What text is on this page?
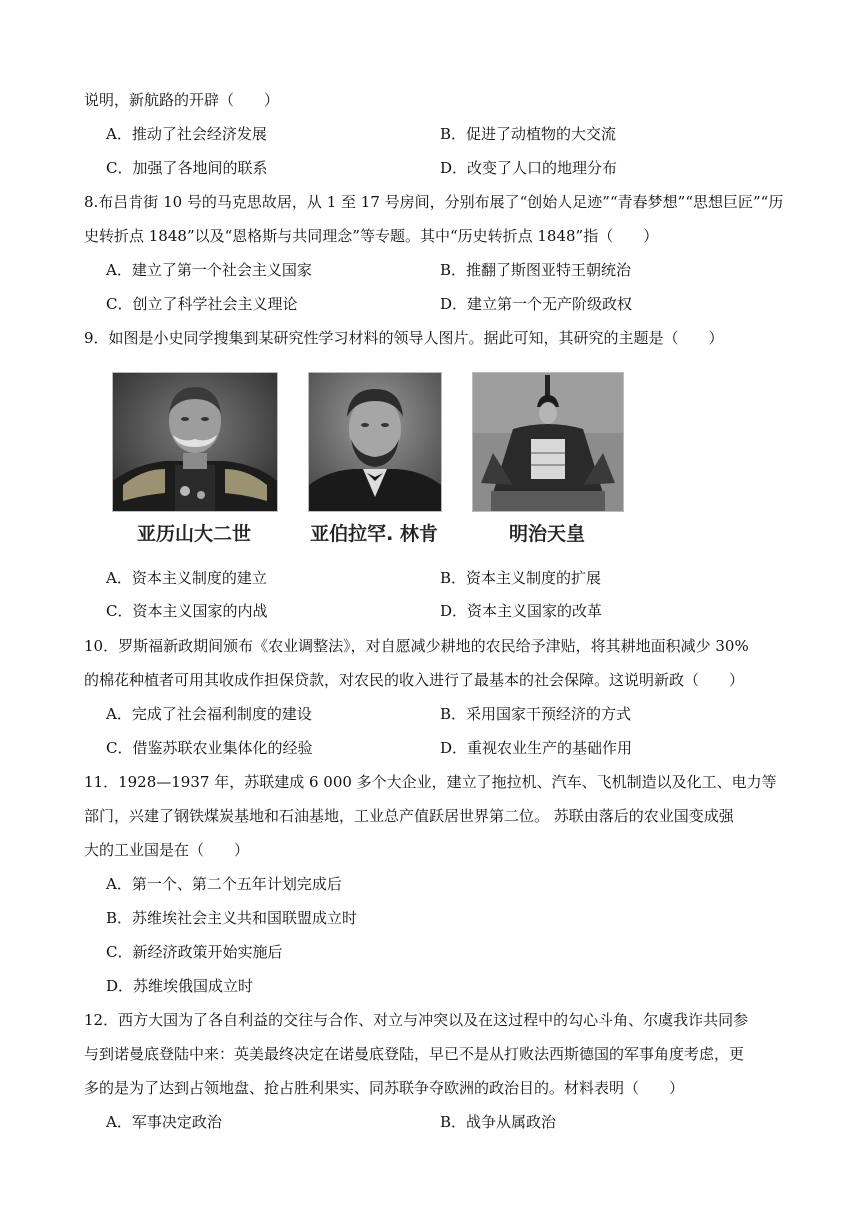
说明，新航路的开辟（　　）
A．推动了社会经济发展	B．促进了动植物的大交流
C．加强了各地间的联系	D．改变了人口的地理分布
8.布吕肯街 10 号的马克思故居，从 1 至 17 号房间，分别布展了“创始人足迹”“青春梦想”“思想巨匠”“历
史转折点 1848”以及“恩格斯与共同理念”等专题。其中“历史转折点 1848”指（　　）
A．建立了第一个社会主义国家	B．推翻了斯图亚特王朝统治
C．创立了科学社会主义理论	D．建立第一个无产阶级政权
9．如图是小史同学搜集到某研究性学习材料的领导人图片。据此可知，其研究的主题是（　　）
亚历山大二世	亚伯拉罕. 林肯	明治天皇
A．资本主义制度的建立	B．资本主义制度的扩展
C．资本主义国家的内战	D．资本主义国家的改革
10．罗斯福新政期间颁布《农业调整法》，对自愿减少耕地的农民给予津贴，将其耕地面积减少 30%
的棉花种植者可用其收成作担保贷款，对农民的收入进行了最基本的社会保障。这说明新政（　　）
A．完成了社会福利制度的建设	B．采用国家干预经济的方式
C．借鉴苏联农业集体化的经验	D．重视农业生产的基础作用
11．1928—1937 年，苏联建成 6 000 多个大企业，建立了拖拉机、汽车、飞机制造以及化工、电力等
部门，兴建了钢铁煤炭基地和石油基地，工业总产值跃居世界第二位。 苏联由落后的农业国变成强
大的工业国是在（　　）
A．第一个、第二个五年计划完成后
B．苏维埃社会主义共和国联盟成立时
C．新经济政策开始实施后
D．苏维埃俄国成立时
12．西方大国为了各自利益的交往与合作、对立与冲突以及在这过程中的勾心斗角、尔虞我诈共同参
与到诺曼底登陆中来：英美最终决定在诺曼底登陆，早已不是从打败法西斯德国的军事角度考虑，更
多的是为了达到占领地盘、抢占胜利果实、同苏联争夺欧洲的政治目的。材料表明（　　）
A．军事决定政治	B．战争从属政治
